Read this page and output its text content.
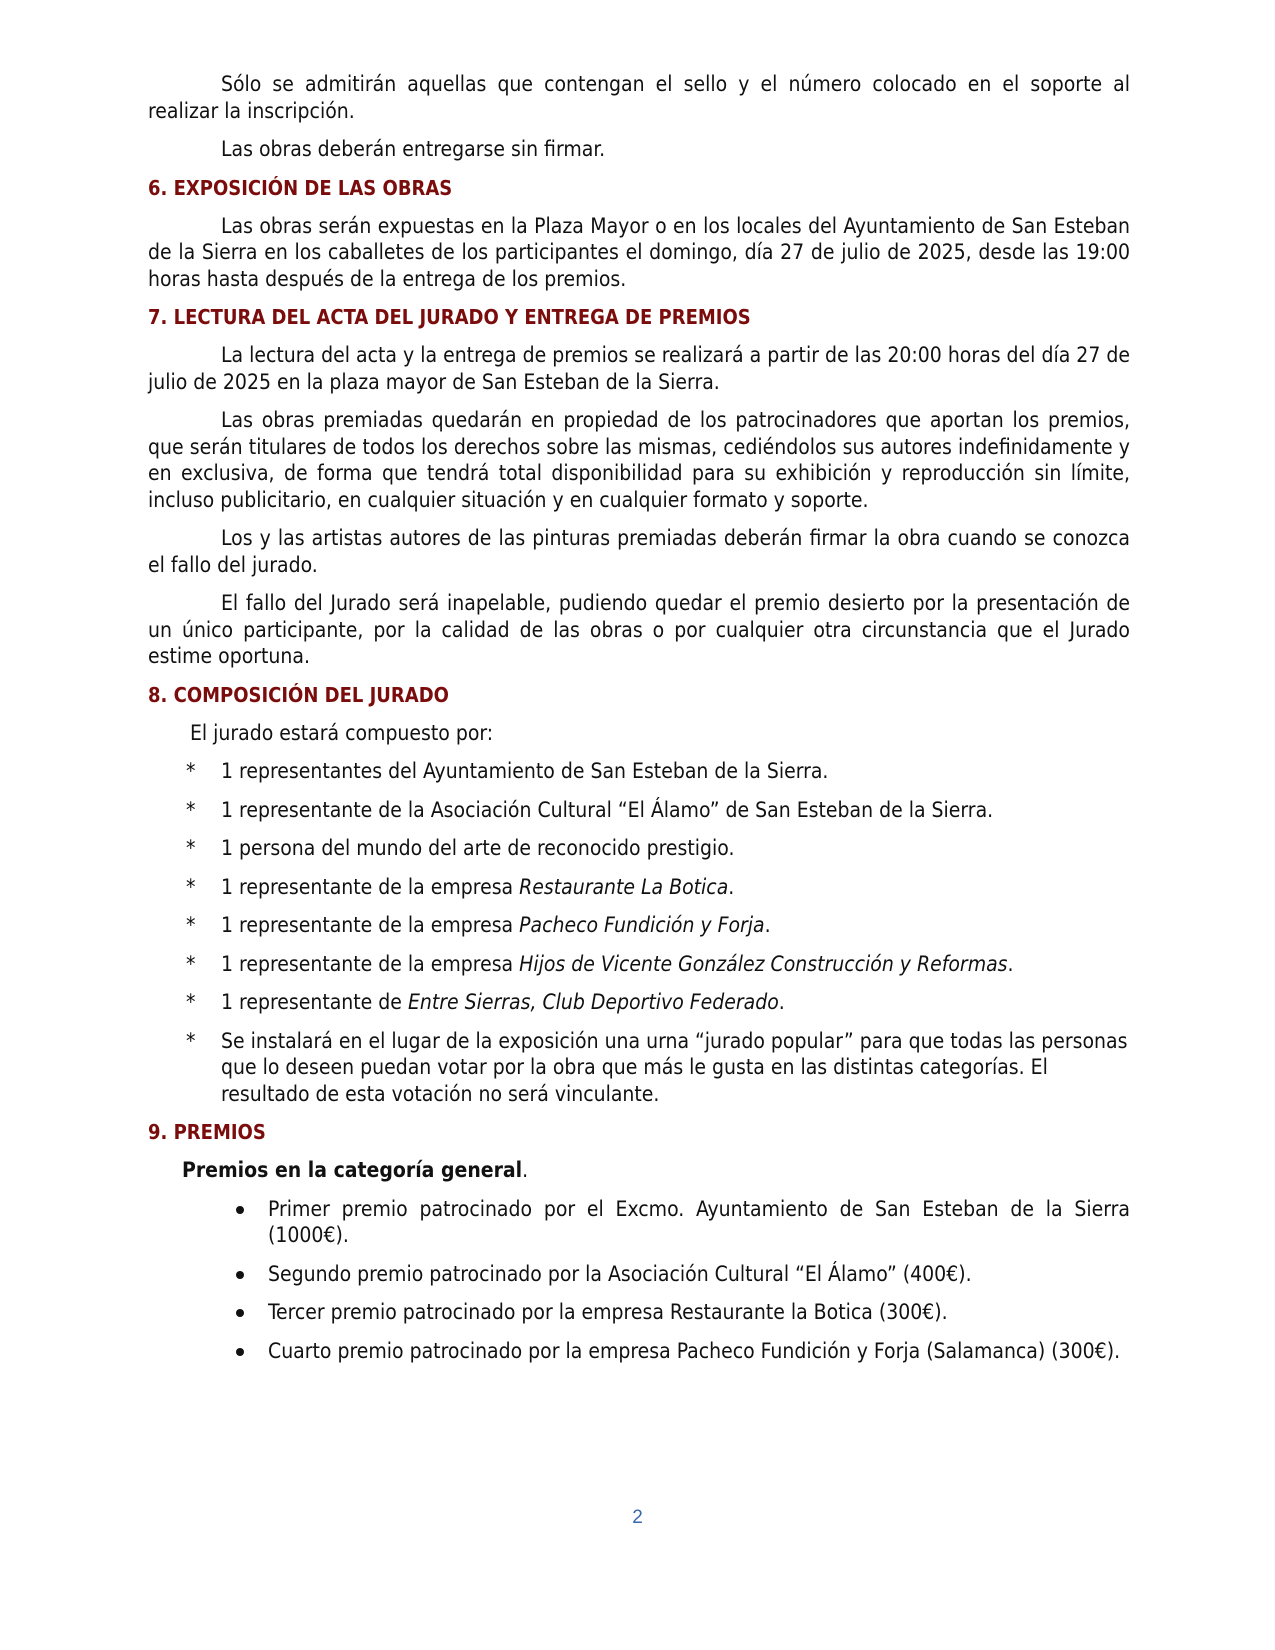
Sólo se admitirán aquellas que contengan el sello y el número colocado en el soporte al realizar la inscripción.

Las obras deberán entregarse sin firmar.

6. EXPOSICIÓN DE LAS OBRAS

Las obras serán expuestas en la Plaza Mayor o en los locales del Ayuntamiento de San Esteban de la Sierra en los caballetes de los participantes el domingo, día 27 de julio de 2025, desde las 19:00 horas hasta después de la entrega de los premios.

7. LECTURA DEL ACTA DEL JURADO Y ENTREGA DE PREMIOS

La lectura del acta y la entrega de premios se realizará a partir de las 20:00 horas del día 27 de julio de 2025 en la plaza mayor de San Esteban de la Sierra.

Las obras premiadas quedarán en propiedad de los patrocinadores que aportan los premios, que serán titulares de todos los derechos sobre las mismas, cediéndolos sus autores indefinidamente y en exclusiva, de forma que tendrá total disponibilidad para su exhibición y reproducción sin límite, incluso publicitario, en cualquier situación y en cualquier formato y soporte.

Los y las artistas autores de las pinturas premiadas deberán firmar la obra cuando se conozca el fallo del jurado.

El fallo del Jurado será inapelable, pudiendo quedar el premio desierto por la presentación de un único participante, por la calidad de las obras o por cualquier otra circunstancia que el Jurado estime oportuna.

8. COMPOSICIÓN DEL JURADO

El jurado estará compuesto por:

* 1 representantes del Ayuntamiento de San Esteban de la Sierra.
* 1 representante de la Asociación Cultural “El Álamo” de San Esteban de la Sierra.
* 1 persona del mundo del arte de reconocido prestigio.
* 1 representante de la empresa Restaurante La Botica.
* 1 representante de la empresa Pacheco Fundición y Forja.
* 1 representante de la empresa Hijos de Vicente González Construcción y Reformas.
* 1 representante de Entre Sierras, Club Deportivo Federado.
* Se instalará en el lugar de la exposición una urna “jurado popular” para que todas las personas que lo deseen puedan votar por la obra que más le gusta en las distintas categorías. El resultado de esta votación no será vinculante.
9. PREMIOS

Premios en la categoría general.

Primer premio patrocinado por el Excmo. Ayuntamiento de San Esteban de la Sierra (1000€).
Segundo premio patrocinado por la Asociación Cultural “El Álamo” (400€).
Tercer premio patrocinado por la empresa Restaurante la Botica (300€).
Cuarto premio patrocinado por la empresa Pacheco Fundición y Forja (Salamanca) (300€).
2
